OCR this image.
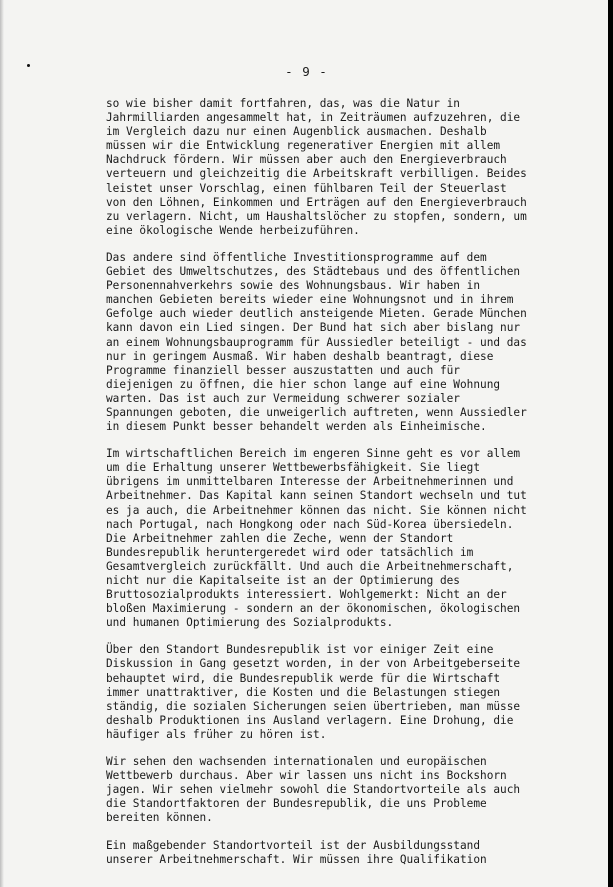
- 9 -

so wie bisher damit fortfahren, das, was die Natur in
Jahrmilliarden angesammelt hat, in Zeiträumen aufzuzehren, die
im Vergleich dazu nur einen Augenblick ausmachen. Deshalb
müssen wir die Entwicklung regenerativer Energien mit allem
Nachdruck fördern. Wir müssen aber auch den Energieverbrauch
verteuern und gleichzeitig die Arbeitskraft verbilligen. Beides
leistet unser Vorschlag, einen fühlbaren Teil der Steuerlast
von den Löhnen, Einkommen und Erträgen auf den Energieverbrauch
zu verlagern. Nicht, um Haushaltslöcher zu stopfen, sondern, um
eine ökologische Wende herbeizuführen.

Das andere sind öffentliche Investitionsprogramme auf dem
Gebiet des Umweltschutzes, des Städtebaus und des öffentlichen
Personennahverkehrs sowie des Wohnungsbaus. Wir haben in
manchen Gebieten bereits wieder eine Wohnungsnot und in ihrem
Gefolge auch wieder deutlich ansteigende Mieten. Gerade München
kann davon ein Lied singen. Der Bund hat sich aber bislang nur
an einem Wohnungsbauprogramm für Aussiedler beteiligt - und das
nur in geringem Ausmaß. Wir haben deshalb beantragt, diese
Programme finanziell besser auszustatten und auch für
diejenigen zu öffnen, die hier schon lange auf eine Wohnung
warten. Das ist auch zur Vermeidung schwerer sozialer
Spannungen geboten, die unweigerlich auftreten, wenn Aussiedler
in diesem Punkt besser behandelt werden als Einheimische.

Im wirtschaftlichen Bereich im engeren Sinne geht es vor allem
um die Erhaltung unserer Wettbewerbsfähigkeit. Sie liegt
übrigens im unmittelbaren Interesse der Arbeitnehmerinnen und
Arbeitnehmer. Das Kapital kann seinen Standort wechseln und tut
es ja auch, die Arbeitnehmer können das nicht. Sie können nicht
nach Portugal, nach Hongkong oder nach Süd-Korea übersiedeln.
Die Arbeitnehmer zahlen die Zeche, wenn der Standort
Bundesrepublik heruntergeredet wird oder tatsächlich im
Gesamtvergleich zurückfällt. Und auch die Arbeitnehmerschaft,
nicht nur die Kapitalseite ist an der Optimierung des
Bruttosozialprodukts interessiert. Wohlgemerkt: Nicht an der
bloßen Maximierung - sondern an der ökonomischen, ökologischen
und humanen Optimierung des Sozialprodukts.

Über den Standort Bundesrepublik ist vor einiger Zeit eine
Diskussion in Gang gesetzt worden, in der von Arbeitgeberseite
behauptet wird, die Bundesrepublik werde für die Wirtschaft
immer unattraktiver, die Kosten und die Belastungen stiegen
ständig, die sozialen Sicherungen seien übertrieben, man müsse
deshalb Produktionen ins Ausland verlagern. Eine Drohung, die
häufiger als früher zu hören ist.

Wir sehen den wachsenden internationalen und europäischen
Wettbewerb durchaus. Aber wir lassen uns nicht ins Bockshorn
jagen. Wir sehen vielmehr sowohl die Standortvorteile als auch
die Standortfaktoren der Bundesrepublik, die uns Probleme
bereiten können.

Ein maßgebender Standortvorteil ist der Ausbildungsstand
unserer Arbeitnehmerschaft. Wir müssen ihre Qualifikation
